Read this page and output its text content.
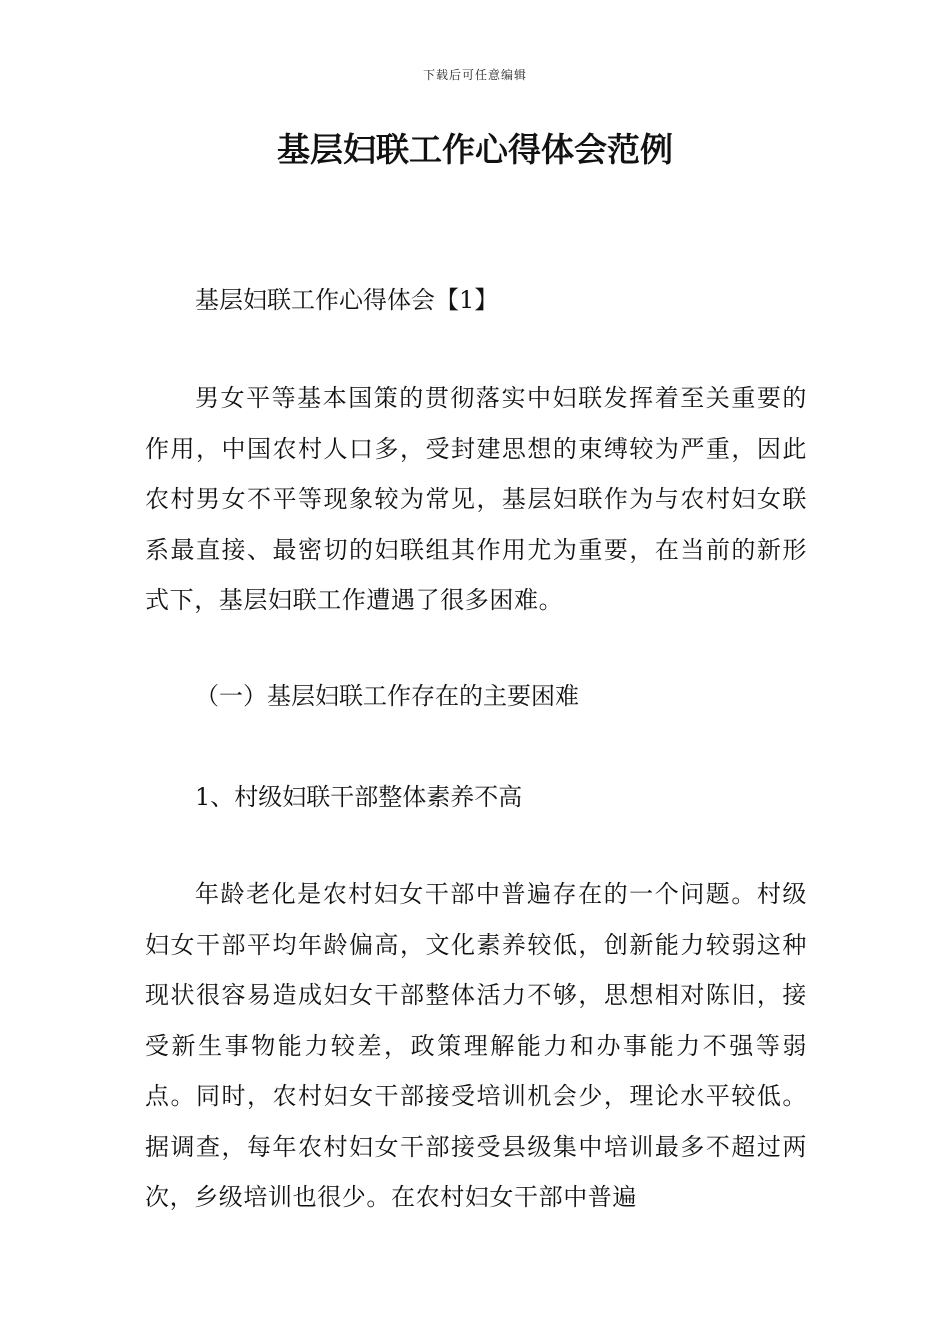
下载后可任意编辑
基层妇联工作心得体会范例

基层妇联工作心得体会【1】

男女平等基本国策的贯彻落实中妇联发挥着至关重要的作用，中国农村人口多，受封建思想的束缚较为严重，因此农村男女不平等现象较为常见，基层妇联作为与农村妇女联系最直接、最密切的妇联组其作用尤为重要，在当前的新形式下，基层妇联工作遭遇了很多困难。

（一）基层妇联工作存在的主要困难

1、村级妇联干部整体素养不高

年龄老化是农村妇女干部中普遍存在的一个问题。村级妇女干部平均年龄偏高，文化素养较低，创新能力较弱这种现状很容易造成妇女干部整体活力不够，思想相对陈旧，接受新生事物能力较差，政策理解能力和办事能力不强等弱点。同时，农村妇女干部接受培训机会少，理论水平较低。据调查，每年农村妇女干部接受县级集中培训最多不超过两次，乡级培训也很少。在农村妇女干部中普遍
